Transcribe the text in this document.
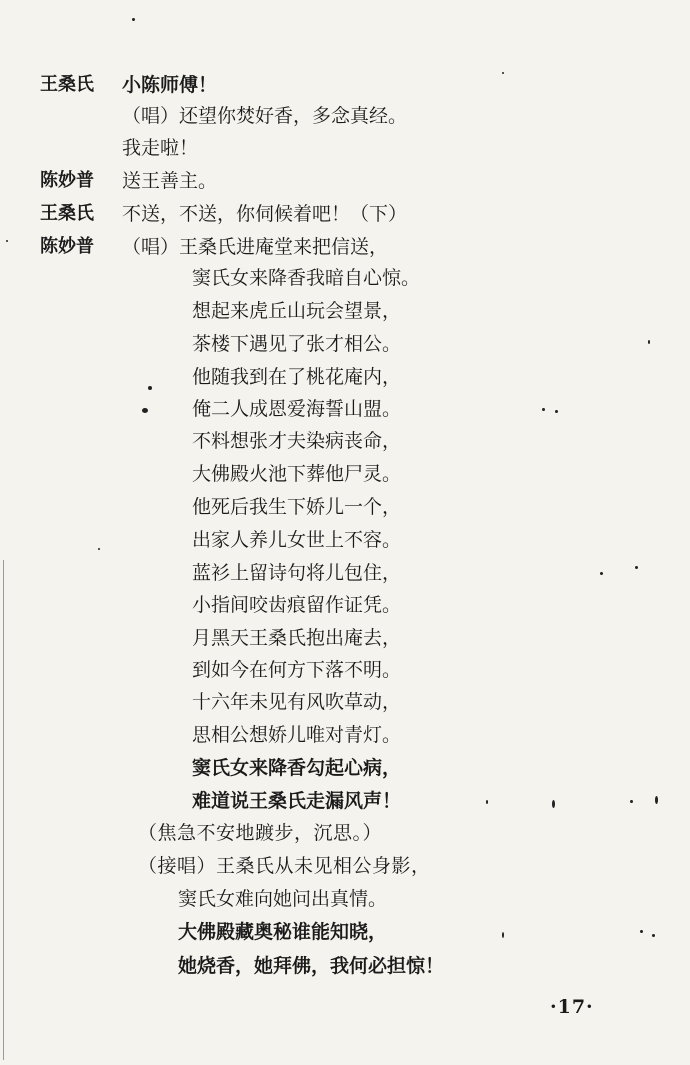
王桑氏 小陈师傅！
（唱）还望你焚好香，多念真经。
我走啦！
陈妙普 送王善主。
王桑氏 不送，不送，你伺候着吧！（下）
陈妙普 （唱）王桑氏进庵堂来把信送，
窦氏女来降香我暗自心惊。
想起来虎丘山玩会望景，
茶楼下遇见了张才相公。
他随我到在了桃花庵内，
俺二人成恩爱海誓山盟。
不料想张才夫染病丧命，
大佛殿火池下葬他尸灵。
他死后我生下娇儿一个，
出家人养儿女世上不容。
蓝衫上留诗句将儿包住，
小指间咬齿痕留作证凭。
月黑天王桑氏抱出庵去，
到如今在何方下落不明。
十六年未见有风吹草动，
思相公想娇儿唯对青灯。
窦氏女来降香勾起心病，
难道说王桑氏走漏风声！
（焦急不安地踱步，沉思。）
（接唱）王桑氏从未见相公身影，
窦氏女难向她问出真情。
大佛殿藏奥秘谁能知晓，
她烧香，她拜佛，我何必担惊！
·17·
